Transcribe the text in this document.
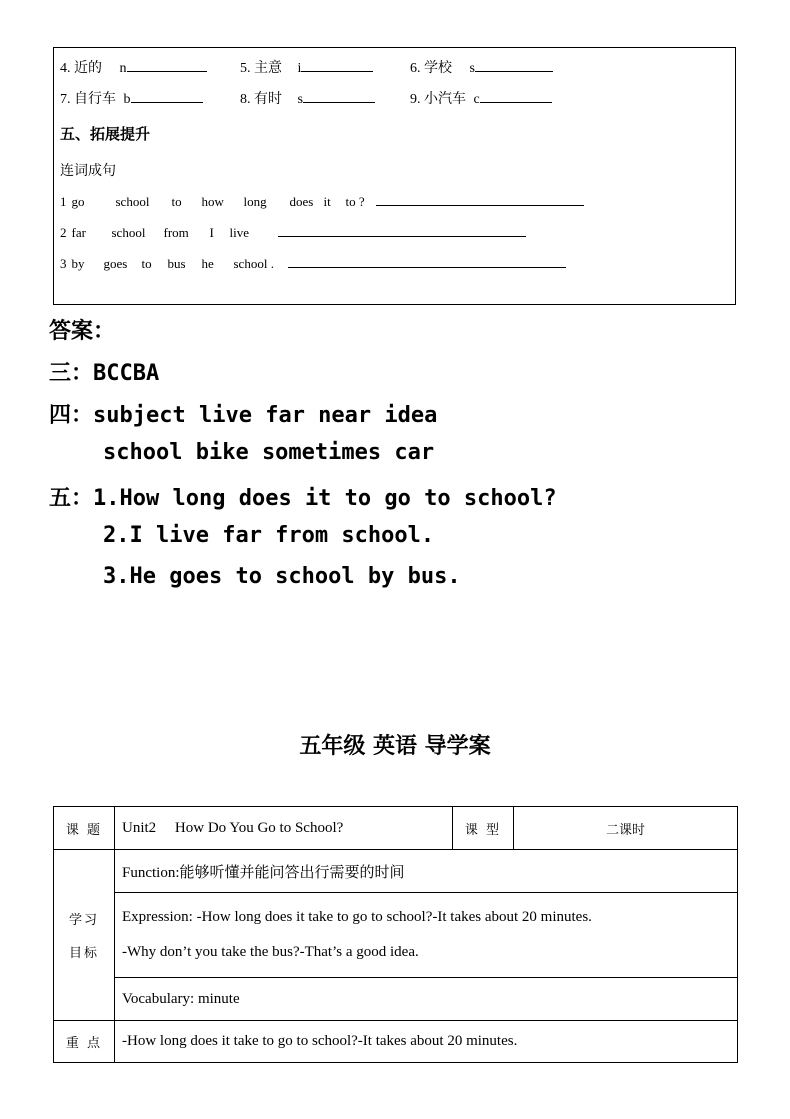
4. 近的 n	5. 主意 i	6. 学校 s
7. 自行车 b	8. 有时 s	9. 小汽车 c
五、拓展提升
连词成句
1 go school to how long does it to ?
2 far school from I live
3 by goes to bus he school .
答案：
三：BCCBA
四：subject live far near idea
school bike sometimes car
五：1.How long does it to go to school?
2.I live far from school.
3.He goes to school by bus.
五年级 英语 导学案
课 题	Unit2     How Do You Go to School?	课 型	二课时

学习
目标	Function:能够听懂并能问答出行需要的时间		

	Expression: -How long does it take to go to school?-It takes about 20 minutes.
-Why don’t you take the bus?-That’s a good idea.		

	Vocabulary: minute		
重 点	-How long does it take to go to school?-It takes about 20 minutes.		
